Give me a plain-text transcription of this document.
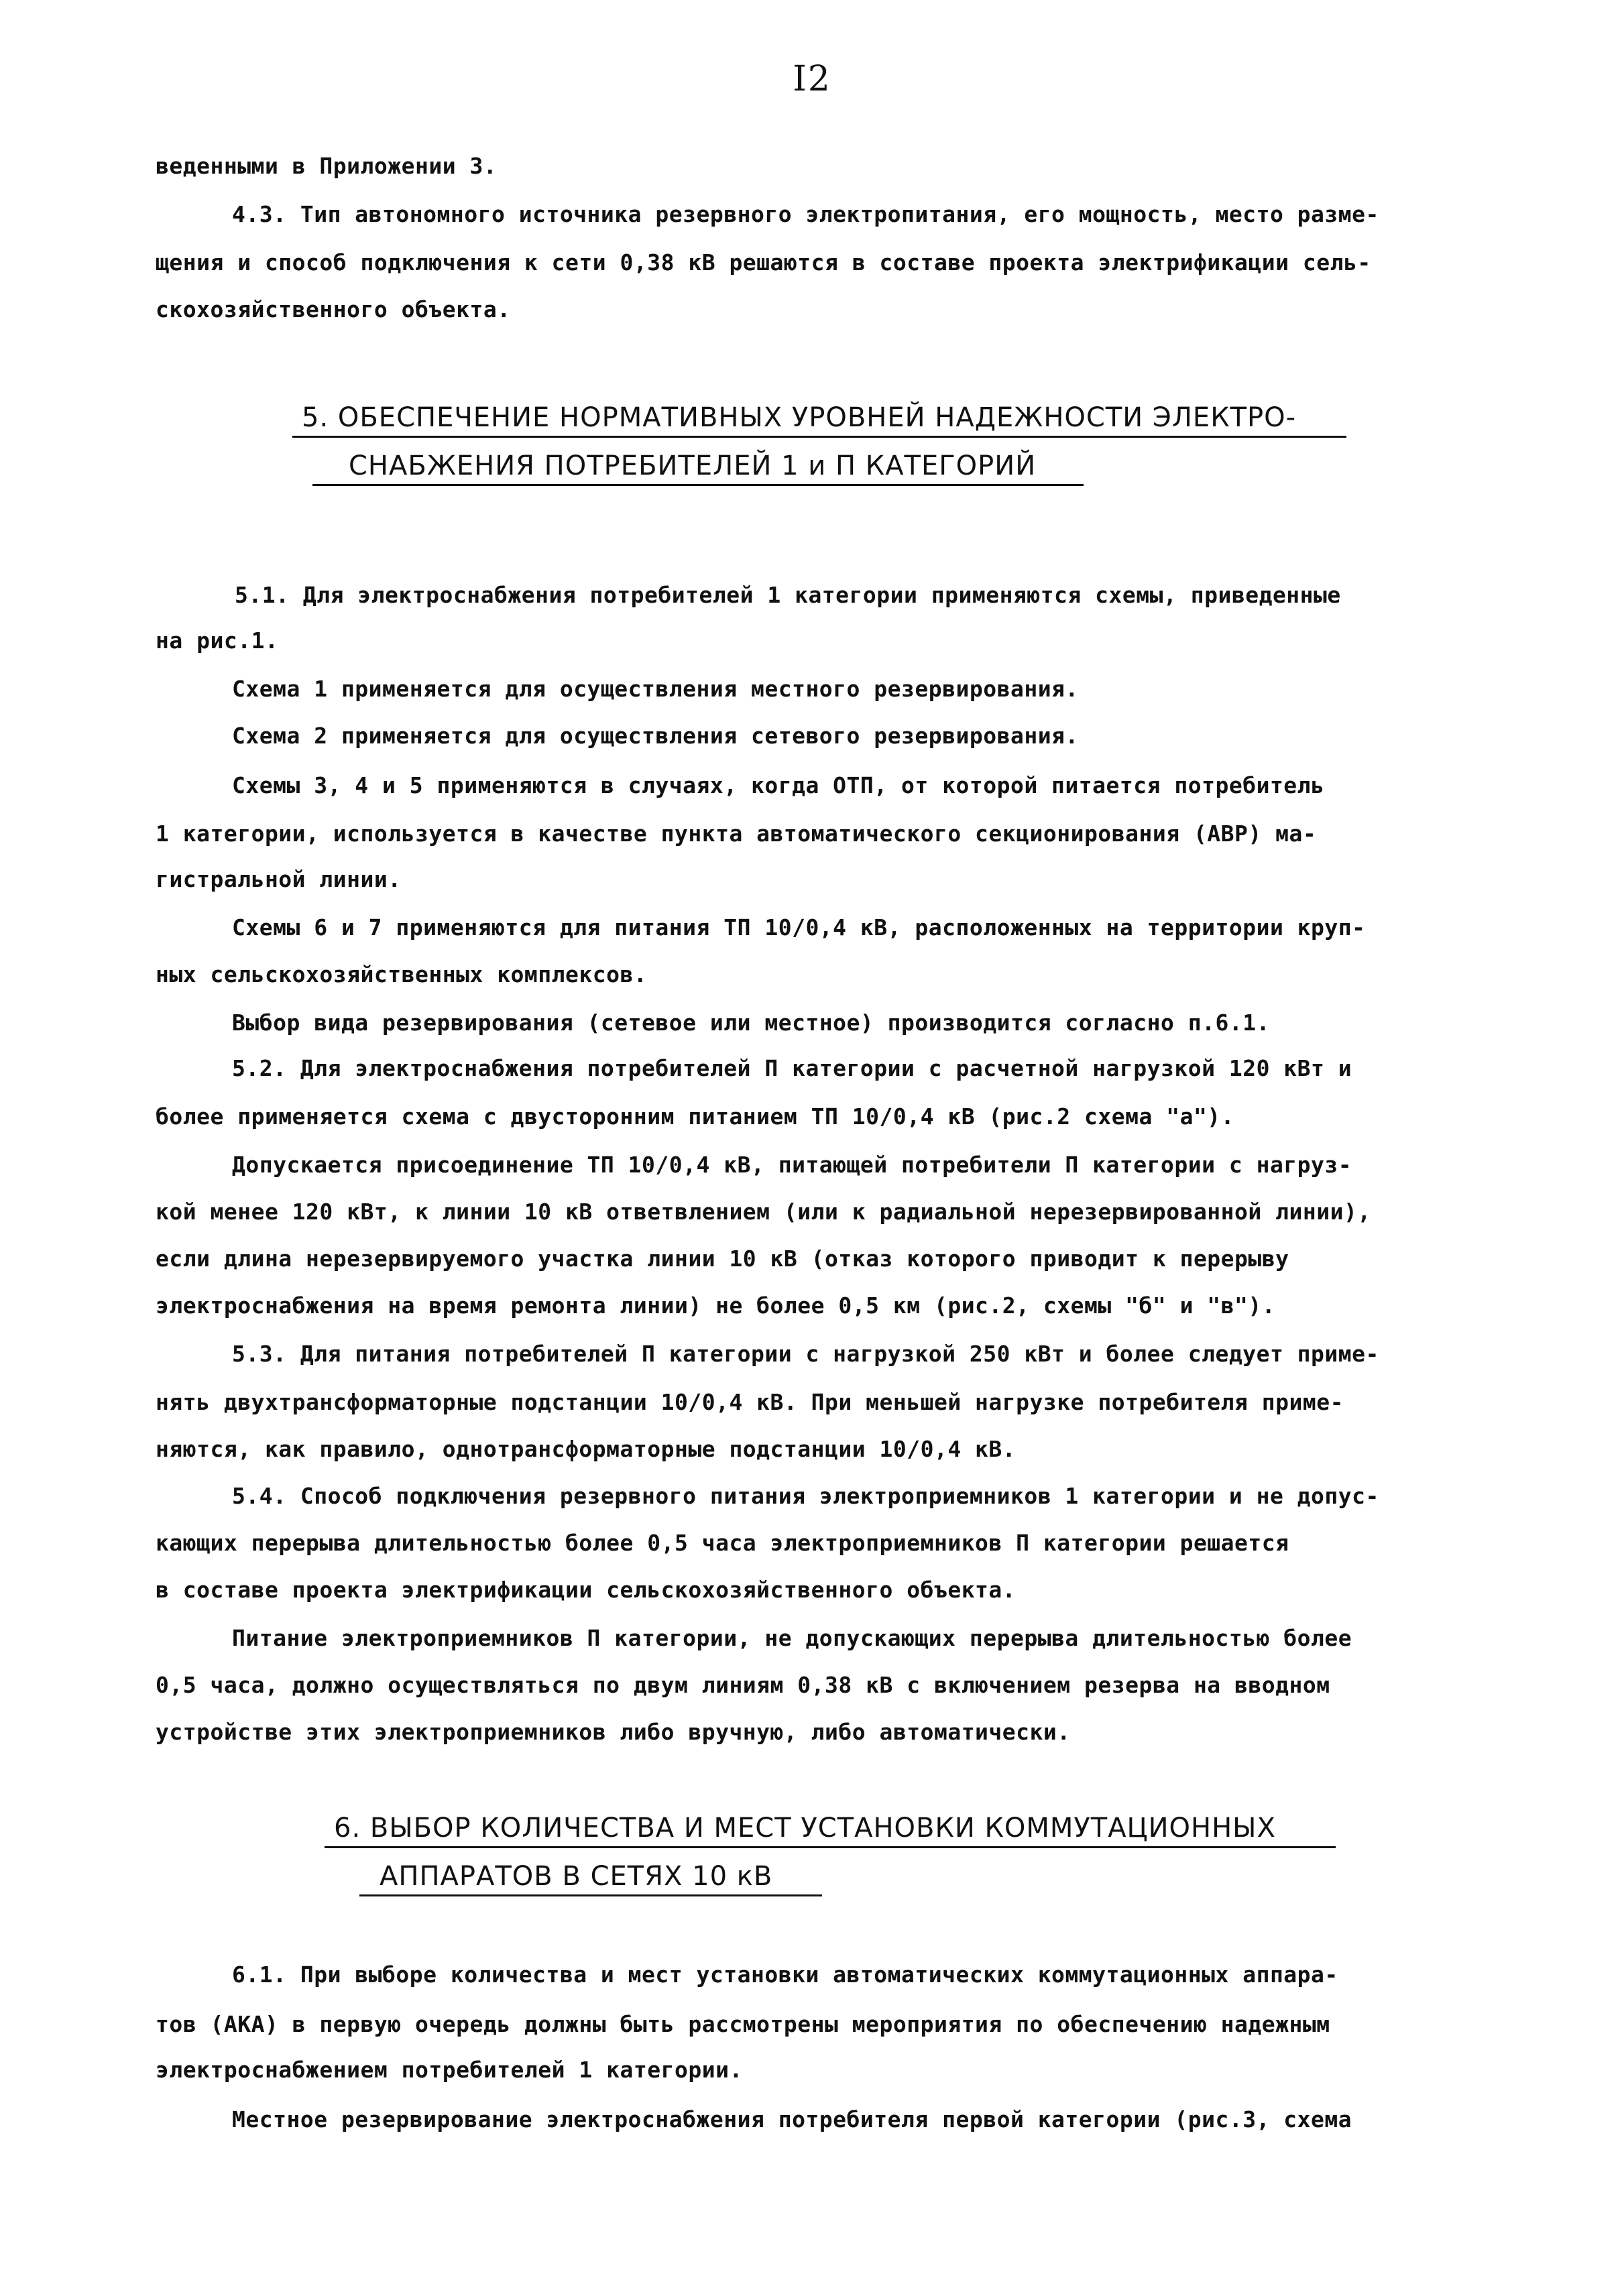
I2
веденными в Приложении 3.
4.3. Тип автономного источника резервного электропитания, его мощность, место разме-
щения и способ подключения к сети 0,38 кВ решаются в составе проекта электрификации сель-
скохозяйственного объекта.
5. ОБЕСПЕЧЕНИЕ НОРМАТИВНЫХ УРОВНЕЙ НАДЕЖНОСТИ ЭЛЕКТРО-
СНАБЖЕНИЯ ПОТРЕБИТЕЛЕЙ 1 и П КАТЕГОРИЙ
5.1. Для электроснабжения потребителей 1 категории применяются схемы, приведенные
на рис.1.
Схема 1 применяется для осуществления местного резервирования.
Схема 2 применяется для осуществления сетевого резервирования.
Схемы 3, 4 и 5 применяются в случаях, когда ОТП, от которой питается потребитель
1 категории, используется в качестве пункта автоматического секционирования (АВР) ма-
гистральной линии.
Схемы 6 и 7 применяются для питания ТП 10/0,4 кВ, расположенных на территории круп-
ных сельскохозяйственных комплексов.
Выбор вида резервирования (сетевое или местное) производится согласно п.6.1.
5.2. Для электроснабжения потребителей П категории с расчетной нагрузкой 120 кВт и
более применяется схема с двусторонним питанием ТП 10/0,4 кВ (рис.2 схема "а").
Допускается присоединение ТП 10/0,4 кВ, питающей потребители П категории с нагруз-
кой менее 120 кВт, к линии 10 кВ ответвлением (или к радиальной нерезервированной линии),
если длина нерезервируемого участка линии 10 кВ (отказ которого приводит к перерыву
электроснабжения на время ремонта линии) не более 0,5 км (рис.2, схемы "б" и "в").
5.3. Для питания потребителей П категории с нагрузкой 250 кВт и более следует приме-
нять двухтрансформаторные подстанции 10/0,4 кВ. При меньшей нагрузке потребителя приме-
няются, как правило, однотрансформаторные подстанции 10/0,4 кВ.
5.4. Способ подключения резервного питания электроприемников 1 категории и не допус-
кающих перерыва длительностью более 0,5 часа электроприемников П категории решается
в составе проекта электрификации сельскохозяйственного объекта.
Питание электроприемников П категории, не допускающих перерыва длительностью более
0,5 часа, должно осуществляться по двум линиям 0,38 кВ с включением резерва на вводном
устройстве этих электроприемников либо вручную, либо автоматически.
6. ВЫБОР КОЛИЧЕСТВА И МЕСТ УСТАНОВКИ КОММУТАЦИОННЫХ
АППАРАТОВ В СЕТЯХ 10 кВ
6.1. При выборе количества и мест установки автоматических коммутационных аппара-
тов (АКА) в первую очередь должны быть рассмотрены мероприятия по обеспечению надежным
электроснабжением потребителей 1 категории.
Местное резервирование электроснабжения потребителя первой категории (рис.3, схема
